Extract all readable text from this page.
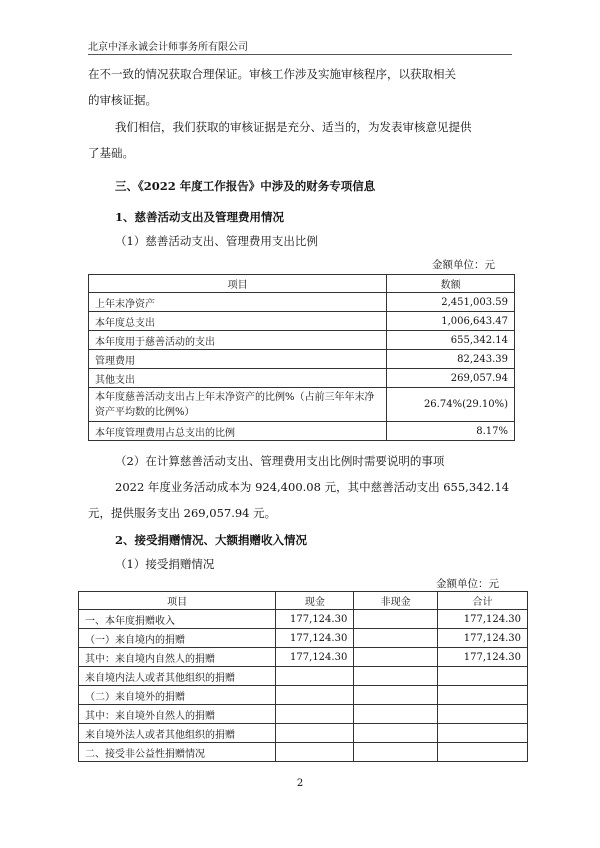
北京中泽永诚会计师事务所有限公司
在不一致的情况获取合理保证。审核工作涉及实施审核程序，以获取相关
的审核证据。
我们相信，我们获取的审核证据是充分、适当的，为发表审核意见提供
了基础。
三、《2022 年度工作报告》中涉及的财务专项信息
1、慈善活动支出及管理费用情况
（1）慈善活动支出、管理费用支出比例
金额单位：元
项目	数额
上年末净资产	2,451,003.59
本年度总支出	1,006,643.47
本年度用于慈善活动的支出	655,342.14
管理费用	82,243.39
其他支出	269,057.94
本年度慈善活动支出占上年末净资产的比例%（占前三年年末净资产平均数的比例%）	26.74%(29.10%)
本年度管理费用占总支出的比例	8.17%
（2）在计算慈善活动支出、管理费用支出比例时需要说明的事项
2022 年度业务活动成本为 924,400.08 元，其中慈善活动支出 655,342.14
元，提供服务支出 269,057.94 元。
2、接受捐赠情况、大额捐赠收入情况
（1）接受捐赠情况
金额单位：元
项目	现金	非现金	合计
一、本年度捐赠收入	177,124.30		177,124.30
（一）来自境内的捐赠	177,124.30		177,124.30
其中：来自境内自然人的捐赠	177,124.30		177,124.30
来自境内法人或者其他组织的捐赠			
（二）来自境外的捐赠			
其中：来自境外自然人的捐赠			
来自境外法人或者其他组织的捐赠			
二、接受非公益性捐赠情况			
2
